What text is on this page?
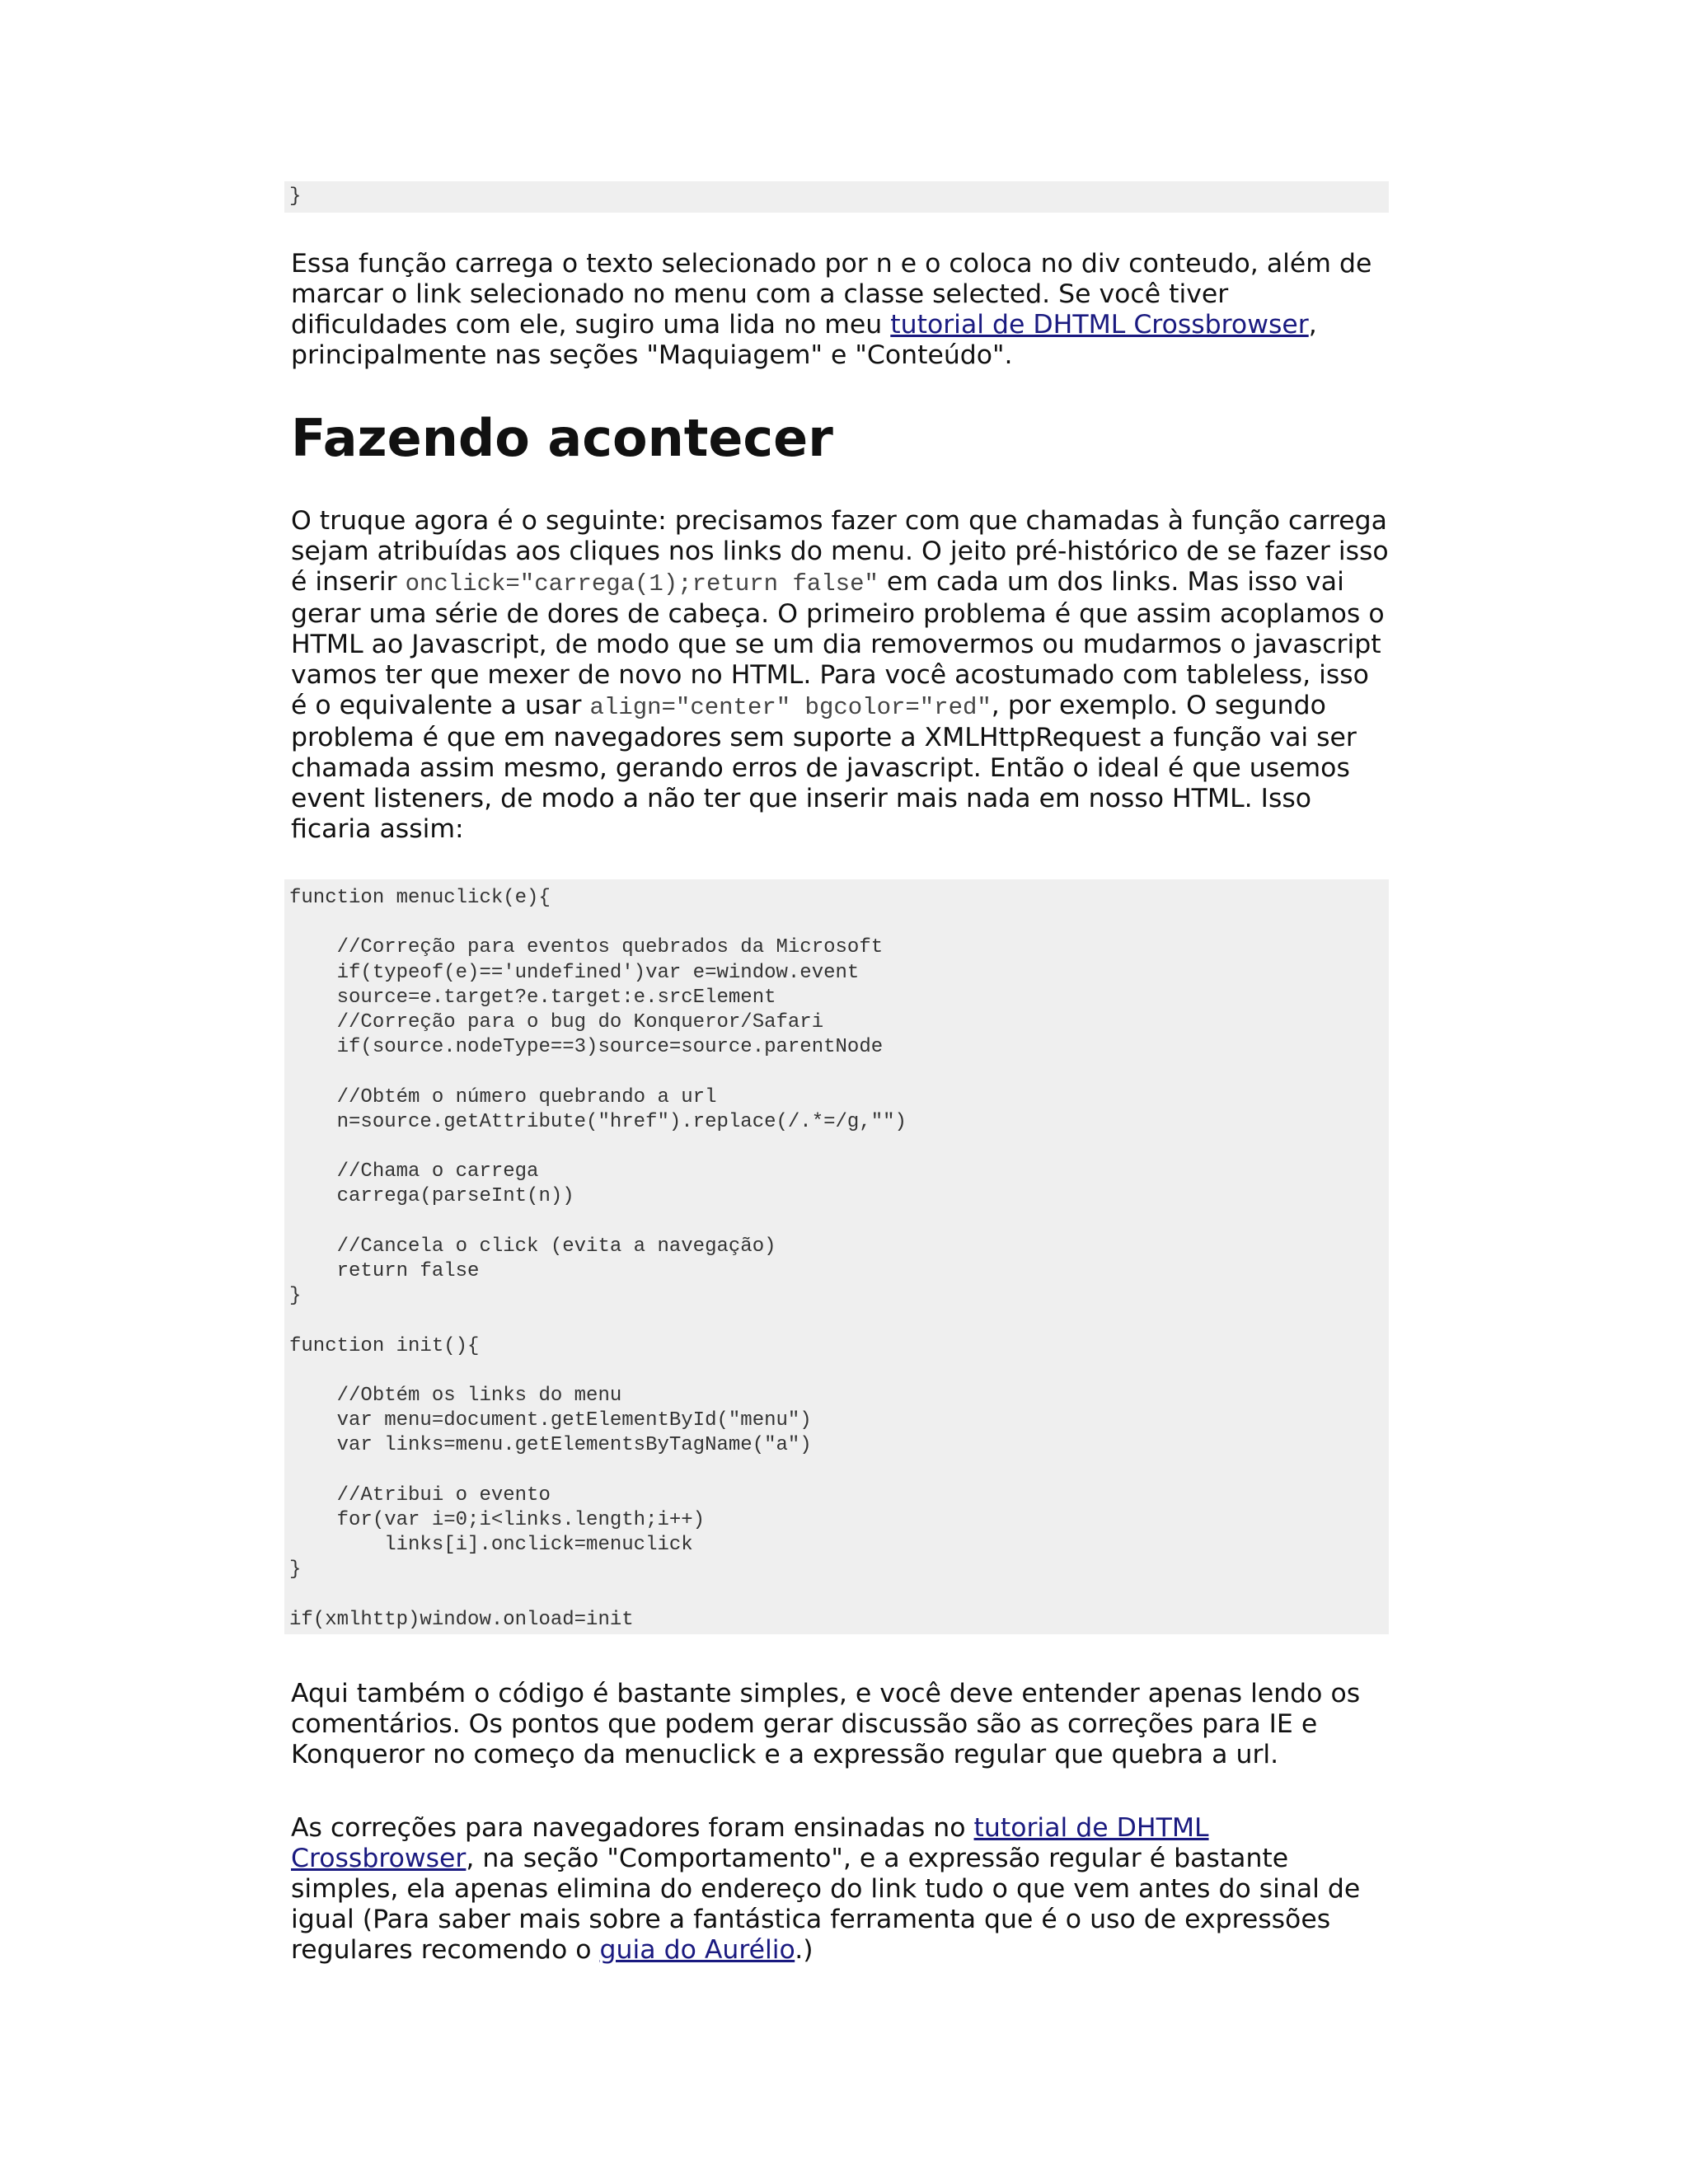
}

Essa função carrega o texto selecionado por n e o coloca no div conteudo, além de marcar o link selecionado no menu com a classe selected. Se você tiver dificuldades com ele, sugiro uma lida no meu tutorial de DHTML Crossbrowser, principalmente nas seções "Maquiagem" e "Conteúdo".

Fazendo acontecer

O truque agora é o seguinte: precisamos fazer com que chamadas à função carrega sejam atribuídas aos cliques nos links do menu. O jeito pré-histórico de se fazer isso é inserir onclick="carrega(1);return false" em cada um dos links. Mas isso vai gerar uma série de dores de cabeça. O primeiro problema é que assim acoplamos o HTML ao Javascript, de modo que se um dia removermos ou mudarmos o javascript vamos ter que mexer de novo no HTML. Para você acostumado com tableless, isso é o equivalente a usar align="center" bgcolor="red", por exemplo. O segundo problema é que em navegadores sem suporte a XMLHttpRequest a função vai ser chamada assim mesmo, gerando erros de javascript. Então o ideal é que usemos event listeners, de modo a não ter que inserir mais nada em nosso HTML. Isso ficaria assim:

function menuclick(e){

//Correção para eventos quebrados da Microsoft
if(typeof(e)=='undefined')var e=window.event
source=e.target?e.target:e.srcElement
//Correção para o bug do Konqueror/Safari
if(source.nodeType==3)source=source.parentNode

//Obtém o número quebrando a url
n=source.getAttribute("href").replace(/.*=/g,"")

//Chama o carrega
carrega(parseInt(n))

//Cancela o click (evita a navegação)
return false
}

function init(){

//Obtém os links do menu
var menu=document.getElementById("menu")
var links=menu.getElementsByTagName("a")

//Atribui o evento
for(var i=0;i<links.length;i++)
links[i].onclick=menuclick
}

if(xmlhttp)window.onload=init

Aqui também o código é bastante simples, e você deve entender apenas lendo os comentários. Os pontos que podem gerar discussão são as correções para IE e Konqueror no começo da menuclick e a expressão regular que quebra a url.

As correções para navegadores foram ensinadas no tutorial de DHTML Crossbrowser, na seção "Comportamento", e a expressão regular é bastante simples, ela apenas elimina do endereço do link tudo o que vem antes do sinal de igual (Para saber mais sobre a fantástica ferramenta que é o uso de expressões regulares recomendo o guia do Aurélio.)
